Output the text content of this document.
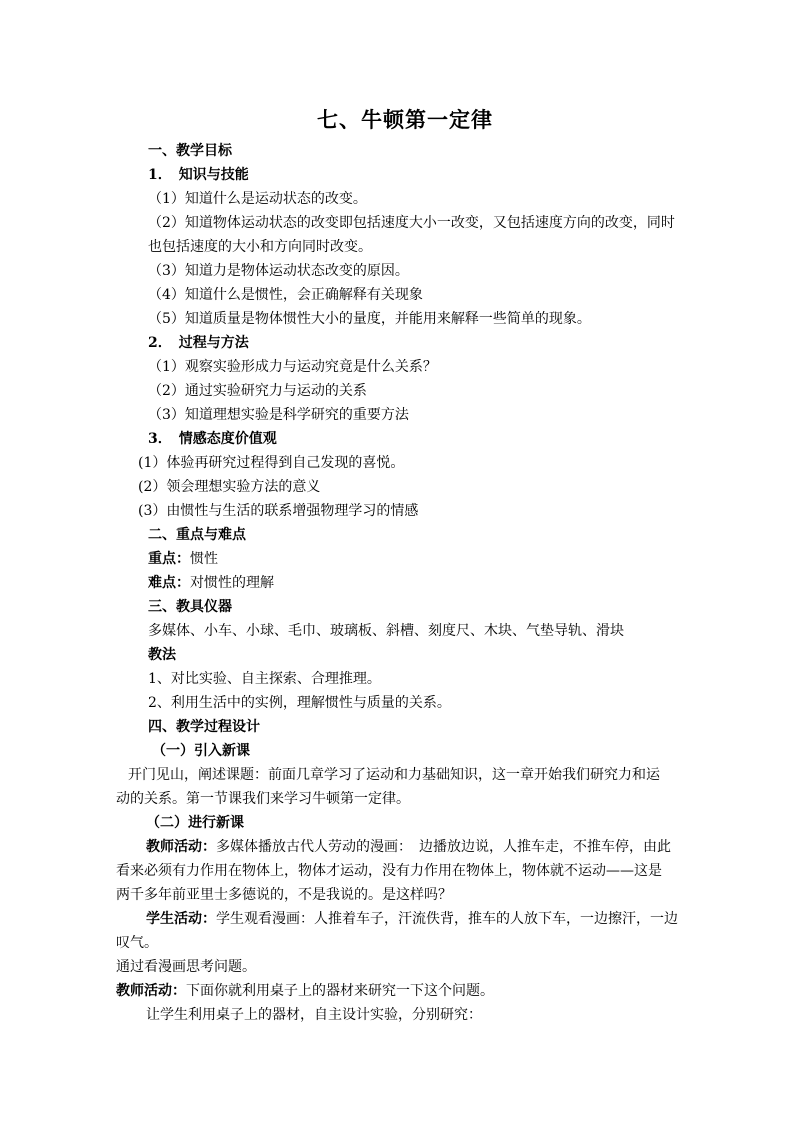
七、牛顿第一定律
一、教学目标
1．　知识与技能
（1）知道什么是运动状态的改变。
（2）知道物体运动状态的改变即包括速度大小一改变，又包括速度方向的改变，同时
也包括速度的大小和方向同时改变。
（3）知道力是物体运动状态改变的原因。
（4）知道什么是惯性，会正确解释有关现象
（5）知道质量是物体惯性大小的量度，并能用来解释一些简单的现象。
2．　过程与方法
（1）观察实验形成力与运动究竟是什么关系？
（2）通过实验研究力与运动的关系
（3）知道理想实验是科学研究的重要方法
3．　情感态度价值观
(1）体验再研究过程得到自己发现的喜悦。
(2）领会理想实验方法的意义
(3）由惯性与生活的联系增强物理学习的情感
二、重点与难点
重点：惯性
难点：对惯性的理解
三、教具仪器
多媒体、小车、小球、毛巾、玻璃板、斜槽、刻度尺、木块、气垫导轨、滑块
教法
1、对比实验、自主探索、合理推理。
2、利用生活中的实例，理解惯性与质量的关系。
四、教学过程设计
（一）引入新课
开门见山，阐述课题：前面几章学习了运动和力基础知识，这一章开始我们研究力和运
动的关系。第一节课我们来学习牛顿第一定律。
（二）进行新课
教师活动：多媒体播放古代人劳动的漫画：　边播放边说，人推车走，不推车停，由此
看来必须有力作用在物体上，物体才运动，没有力作用在物体上，物体就不运动——这是
两千多年前亚里士多德说的，不是我说的。是这样吗？
学生活动：学生观看漫画：人推着车子，汗流佚背，推车的人放下车，一边擦汗，一边
叹气。
通过看漫画思考问题。
教师活动：下面你就利用桌子上的器材来研究一下这个问题。
让学生利用桌子上的器材，自主设计实验，分别研究：
